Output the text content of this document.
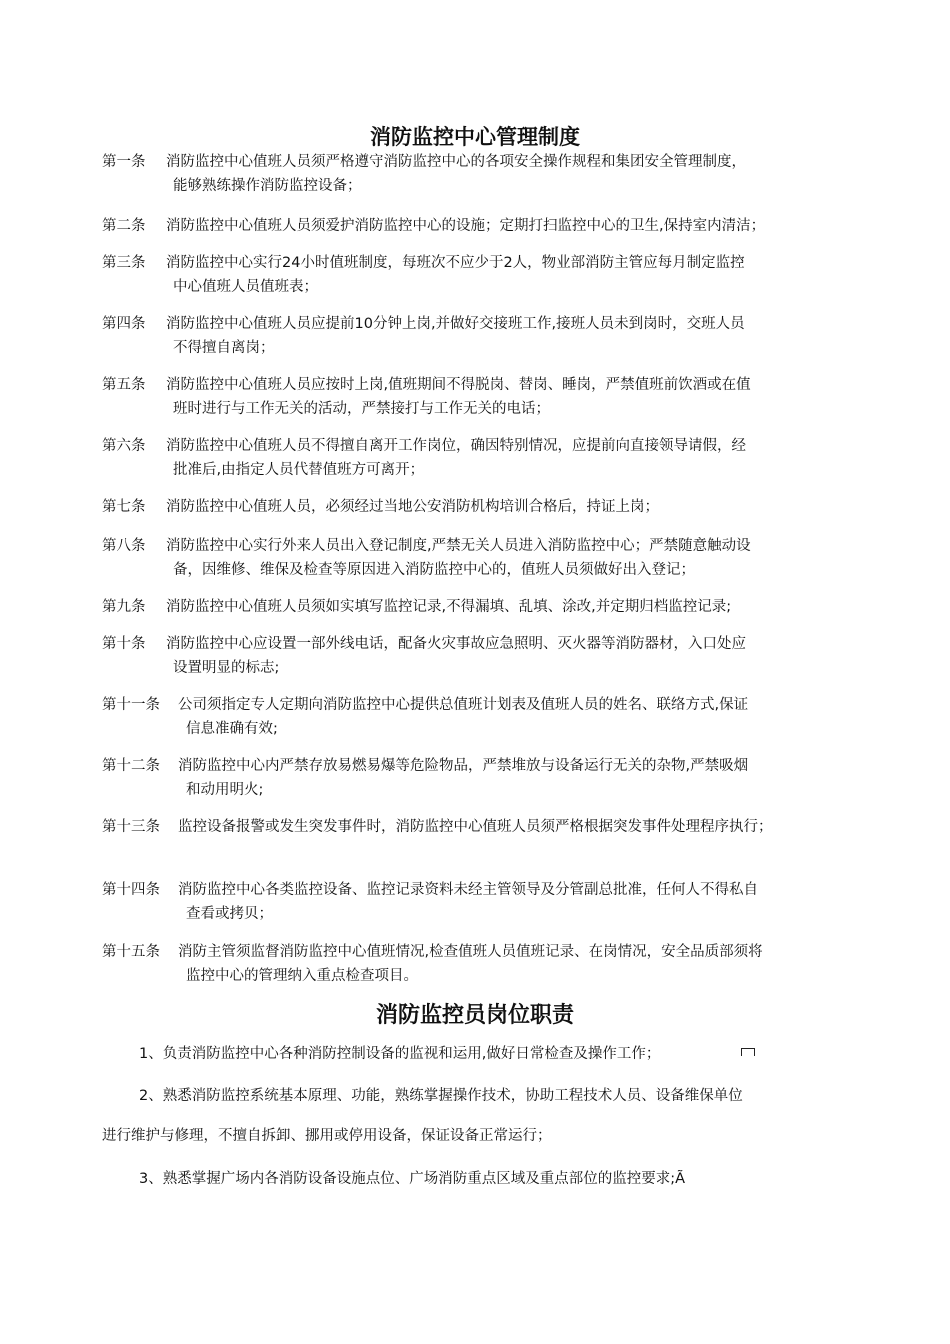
消防监控中心管理制度
第一条 消防监控中心值班人员须严格遵守消防监控中心的各项安全操作规程和集团安全管理制度，
能够熟练操作消防监控设备；
第二条 消防监控中心值班人员须爱护消防监控中心的设施；定期打扫监控中心的卫生,保持室内清洁；
第三条 消防监控中心实行24小时值班制度，每班次不应少于2人，物业部消防主管应每月制定监控
中心值班人员值班表；
第四条 消防监控中心值班人员应提前10分钟上岗,并做好交接班工作,接班人员未到岗时，交班人员
不得擅自离岗；
第五条 消防监控中心值班人员应按时上岗,值班期间不得脱岗、替岗、睡岗，严禁值班前饮酒或在值
班时进行与工作无关的活动，严禁接打与工作无关的电话；
第六条 消防监控中心值班人员不得擅自离开工作岗位，确因特别情况，应提前向直接领导请假，经
批准后,由指定人员代替值班方可离开；
第七条 消防监控中心值班人员，必须经过当地公安消防机构培训合格后，持证上岗；
第八条 消防监控中心实行外来人员出入登记制度,严禁无关人员进入消防监控中心；严禁随意触动设
备，因维修、维保及检查等原因进入消防监控中心的，值班人员须做好出入登记；
第九条 消防监控中心值班人员须如实填写监控记录,不得漏填、乱填、涂改,并定期归档监控记录;
第十条 消防监控中心应设置一部外线电话，配备火灾事故应急照明、灭火器等消防器材，入口处应
设置明显的标志;
第十一条 公司须指定专人定期向消防监控中心提供总值班计划表及值班人员的姓名、联络方式,保证
信息准确有效;
第十二条 消防监控中心内严禁存放易燃易爆等危险物品，严禁堆放与设备运行无关的杂物,严禁吸烟
和动用明火;
第十三条 监控设备报警或发生突发事件时，消防监控中心值班人员须严格根据突发事件处理程序执行；
第十四条 消防监控中心各类监控设备、监控记录资料未经主管领导及分管副总批准，任何人不得私自
查看或拷贝；
第十五条 消防主管须监督消防监控中心值班情况,检查值班人员值班记录、在岗情况，安全品质部须将
监控中心的管理纳入重点检查项目。
消防监控员岗位职责
1、负责消防监控中心各种消防控制设备的监视和运用,做好日常检查及操作工作；
2、熟悉消防监控系统基本原理、功能，熟练掌握操作技术，协助工程技术人员、设备维保单位
进行维护与修理，不擅自拆卸、挪用或停用设备，保证设备正常运行；
3、熟悉掌握广场内各消防设备设施点位、广场消防重点区域及重点部位的监控要求;Ã
